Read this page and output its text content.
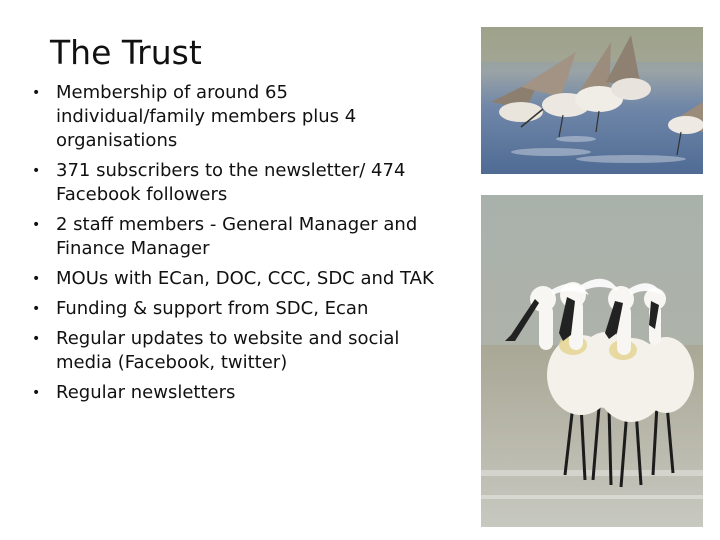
The Trust
• Membership of around 65 individual/family members plus 4 organisations
• 371 subscribers to the newsletter/ 474 Facebook followers
• 2 staff members - General Manager and Finance Manager
• MOUs with ECan, DOC, CCC, SDC and TAK
• Funding & support from SDC, Ecan
• Regular updates to website and social media (Facebook, twitter)
• Regular newsletters
